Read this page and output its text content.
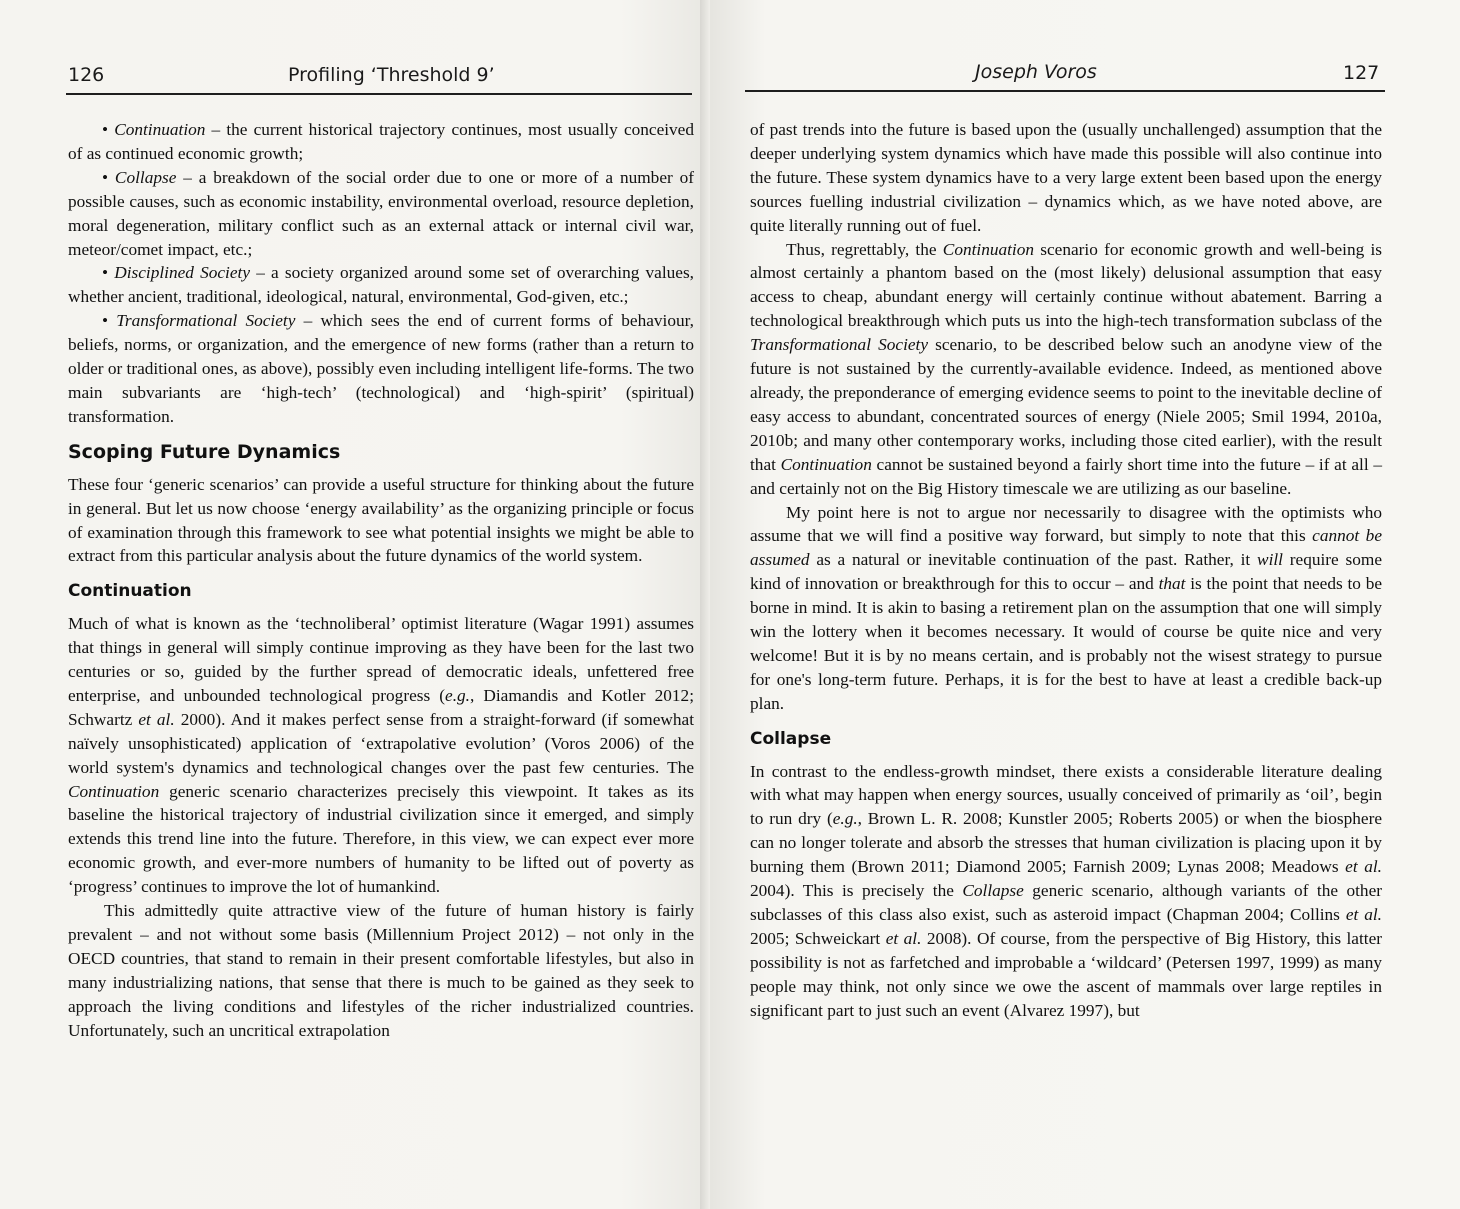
126	Profiling ‘Threshold 9’

• Continuation – the current historical trajectory continues, most usually conceived of as continued economic growth;

• Collapse – a breakdown of the social order due to one or more of a number of possible causes, such as economic instability, environmental overload, resource depletion, moral degeneration, military conflict such as an external attack or internal civil war, meteor/comet impact, etc.;

• Disciplined Society – a society organized around some set of overarching values, whether ancient, traditional, ideological, natural, environmental, God-given, etc.;

• Transformational Society – which sees the end of current forms of behaviour, beliefs, norms, or organization, and the emergence of new forms (rather than a return to older or traditional ones, as above), possibly even including intelligent life-forms. The two main subvariants are ‘high-tech’ (technological) and ‘high-spirit’ (spiritual) transformation.

Scoping Future Dynamics

These four ‘generic scenarios’ can provide a useful structure for thinking about the future in general. But let us now choose ‘energy availability’ as the organizing principle or focus of examination through this framework to see what potential insights we might be able to extract from this particular analysis about the future dynamics of the world system.

Continuation

Much of what is known as the ‘technoliberal’ optimist literature (Wagar 1991) assumes that things in general will simply continue improving as they have been for the last two centuries or so, guided by the further spread of democratic ideals, unfettered free enterprise, and unbounded technological progress (e.g., Diamandis and Kotler 2012; Schwartz et al. 2000). And it makes perfect sense from a straight-forward (if somewhat naïvely unsophisticated) application of ‘extrapolative evolution’ (Voros 2006) of the world system's dynamics and technological changes over the past few centuries. The Continuation generic scenario characterizes precisely this viewpoint. It takes as its baseline the historical trajectory of industrial civilization since it emerged, and simply extends this trend line into the future. Therefore, in this view, we can expect ever more economic growth, and ever-more numbers of humanity to be lifted out of poverty as ‘progress’ continues to improve the lot of humankind.

This admittedly quite attractive view of the future of human history is fairly prevalent – and not without some basis (Millennium Project 2012) – not only in the OECD countries, that stand to remain in their present comfortable lifestyles, but also in many industrializing nations, that sense that there is much to be gained as they seek to approach the living conditions and lifestyles of the richer industrialized countries. Unfortunately, such an uncritical extrapolation

Joseph Voros	127

of past trends into the future is based upon the (usually unchallenged) assumption that the deeper underlying system dynamics which have made this possible will also continue into the future. These system dynamics have to a very large extent been based upon the energy sources fuelling industrial civilization – dynamics which, as we have noted above, are quite literally running out of fuel.

Thus, regrettably, the Continuation scenario for economic growth and well-being is almost certainly a phantom based on the (most likely) delusional assumption that easy access to cheap, abundant energy will certainly continue without abatement. Barring a technological breakthrough which puts us into the high-tech transformation subclass of the Transformational Society scenario, to be described below such an anodyne view of the future is not sustained by the currently-available evidence. Indeed, as mentioned above already, the preponderance of emerging evidence seems to point to the inevitable decline of easy access to abundant, concentrated sources of energy (Niele 2005; Smil 1994, 2010a, 2010b; and many other contemporary works, including those cited earlier), with the result that Continuation cannot be sustained beyond a fairly short time into the future – if at all – and certainly not on the Big History timescale we are utilizing as our baseline.

My point here is not to argue nor necessarily to disagree with the optimists who assume that we will find a positive way forward, but simply to note that this cannot be assumed as a natural or inevitable continuation of the past. Rather, it will require some kind of innovation or breakthrough for this to occur – and that is the point that needs to be borne in mind. It is akin to basing a retirement plan on the assumption that one will simply win the lottery when it becomes necessary. It would of course be quite nice and very welcome! But it is by no means certain, and is probably not the wisest strategy to pursue for one's long-term future. Perhaps, it is for the best to have at least a credible back-up plan.

Collapse

In contrast to the endless-growth mindset, there exists a considerable literature dealing with what may happen when energy sources, usually conceived of primarily as ‘oil’, begin to run dry (e.g., Brown L. R. 2008; Kunstler 2005; Roberts 2005) or when the biosphere can no longer tolerate and absorb the stresses that human civilization is placing upon it by burning them (Brown 2011; Diamond 2005; Farnish 2009; Lynas 2008; Meadows et al. 2004). This is precisely the Collapse generic scenario, although variants of the other subclasses of this class also exist, such as asteroid impact (Chapman 2004; Collins et al. 2005; Schweickart et al. 2008). Of course, from the perspective of Big History, this latter possibility is not as farfetched and improbable a ‘wildcard’ (Petersen 1997, 1999) as many people may think, not only since we owe the ascent of mammals over large reptiles in significant part to just such an event (Alvarez 1997), but
